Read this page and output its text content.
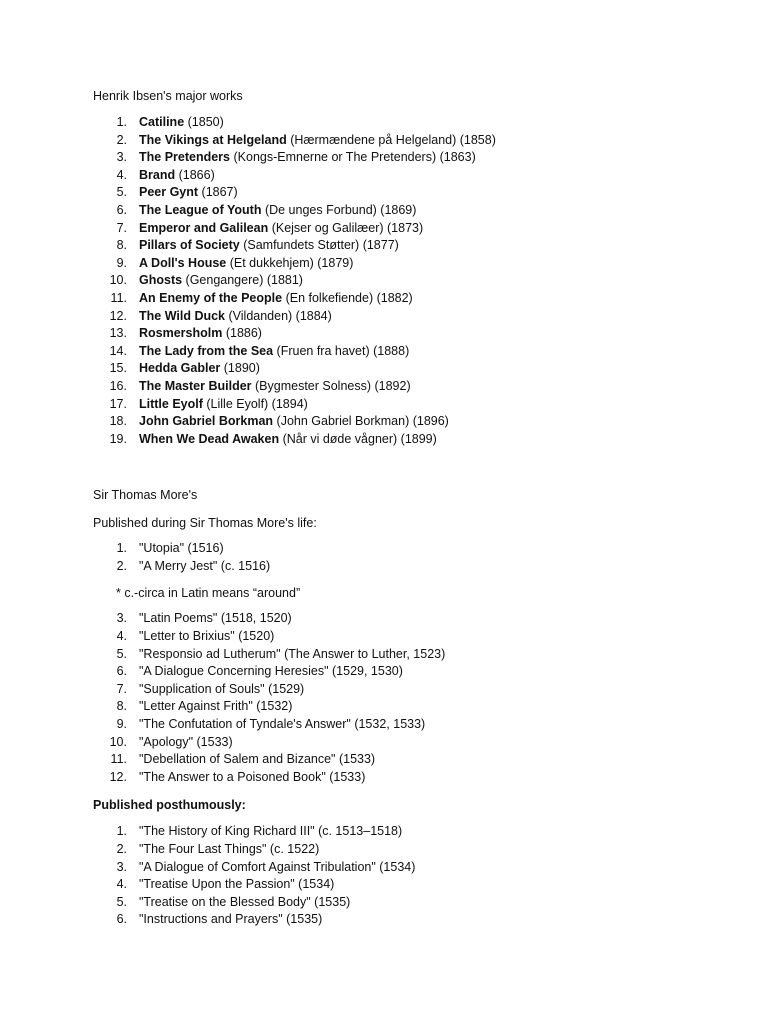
Henrik Ibsen's major works

1. Catiline (1850)
2. The Vikings at Helgeland (Hærmændene på Helgeland) (1858)
3. The Pretenders (Kongs-Emnerne or The Pretenders) (1863)
4. Brand (1866)
5. Peer Gynt (1867)
6. The League of Youth (De unges Forbund) (1869)
7. Emperor and Galilean (Kejser og Galilæer) (1873)
8. Pillars of Society (Samfundets Støtter) (1877)
9. A Doll's House (Et dukkehjem) (1879)
10. Ghosts (Gengangere) (1881)
11. An Enemy of the People (En folkefiende) (1882)
12. The Wild Duck (Vildanden) (1884)
13. Rosmersholm (1886)
14. The Lady from the Sea (Fruen fra havet) (1888)
15. Hedda Gabler (1890)
16. The Master Builder (Bygmester Solness) (1892)
17. Little Eyolf (Lille Eyolf) (1894)
18. John Gabriel Borkman (John Gabriel Borkman) (1896)
19. When We Dead Awaken (Når vi døde vågner) (1899)

Sir Thomas More's

Published during Sir Thomas More's life:

1. "Utopia" (1516)
2. "A Merry Jest" (c. 1516)

* c.-circa in Latin means “around”

3. "Latin Poems" (1518, 1520)
4. "Letter to Brixius" (1520)
5. "Responsio ad Lutherum" (The Answer to Luther, 1523)
6. "A Dialogue Concerning Heresies" (1529, 1530)
7. "Supplication of Souls" (1529)
8. "Letter Against Frith" (1532)
9. "The Confutation of Tyndale's Answer" (1532, 1533)
10. "Apology" (1533)
11. "Debellation of Salem and Bizance" (1533)
12. "The Answer to a Poisoned Book" (1533)

Published posthumously:

1. "The History of King Richard III" (c. 1513–1518)
2. "The Four Last Things" (c. 1522)
3. "A Dialogue of Comfort Against Tribulation" (1534)
4. "Treatise Upon the Passion" (1534)
5. "Treatise on the Blessed Body" (1535)
6. "Instructions and Prayers" (1535)
